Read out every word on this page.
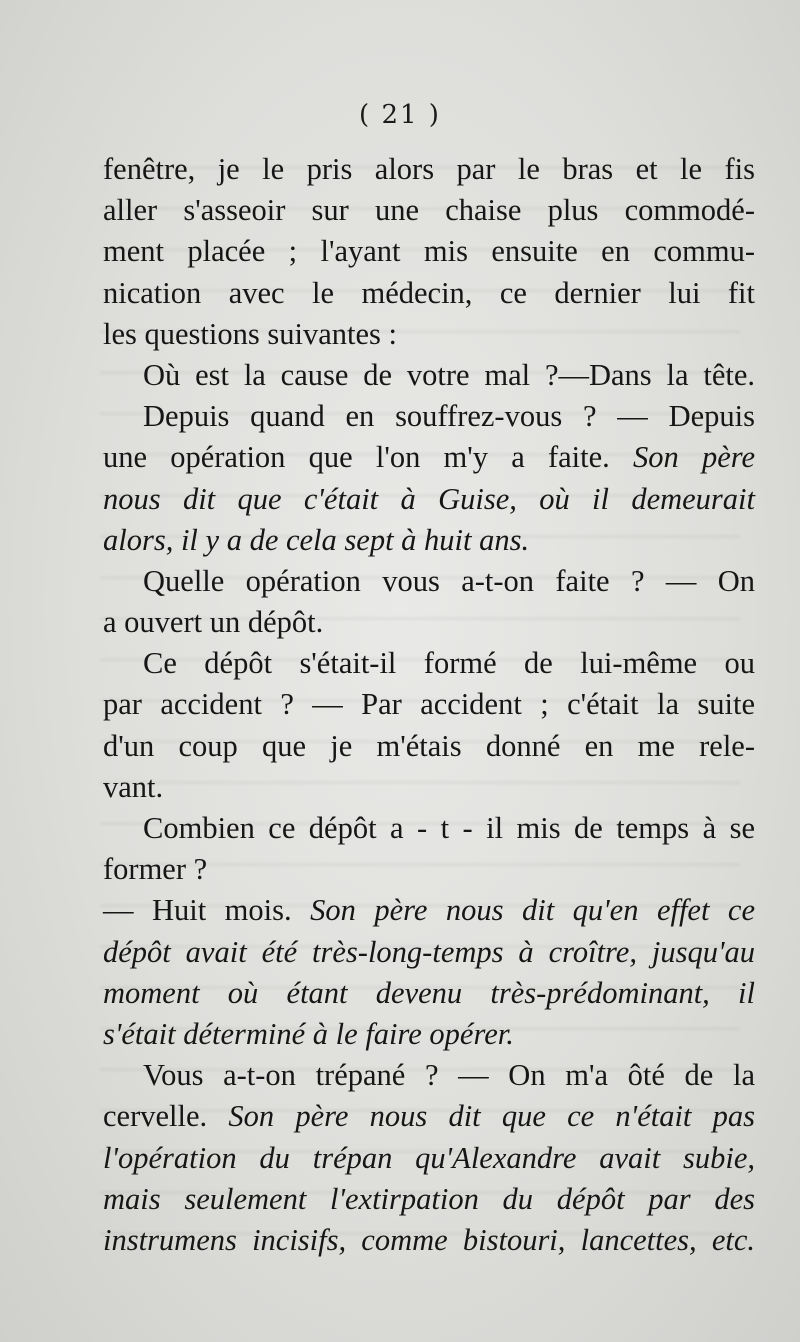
( 21 )
fenêtre, je le pris alors par le bras et le fis
aller s'asseoir sur une chaise plus commodé-
ment placée ; l'ayant mis ensuite en commu-
nication avec le médecin, ce dernier lui fit
les questions suivantes :
Où est la cause de votre mal ?—Dans la tête.
Depuis quand en souffrez-vous ? — Depuis
une opération que l'on m'y a faite. Son père
nous dit que c'était à Guise, où il demeurait
alors, il y a de cela sept à huit ans.
Quelle opération vous a-t-on faite ? — On
a ouvert un dépôt.
Ce dépôt s'était-il formé de lui-même ou
par accident ? — Par accident ; c'était la suite
d'un coup que je m'étais donné en me rele-
vant.
Combien ce dépôt a - t - il mis de temps à se
former ?
— Huit mois. Son père nous dit qu'en effet ce
dépôt avait été très-long-temps à croître, jusqu'au
moment où étant devenu très-prédominant, il
s'était déterminé à le faire opérer.
Vous a-t-on trépané ? — On m'a ôté de la
cervelle. Son père nous dit que ce n'était pas
l'opération du trépan qu'Alexandre avait subie,
mais seulement l'extirpation du dépôt par des
instrumens incisifs, comme bistouri, lancettes, etc.
